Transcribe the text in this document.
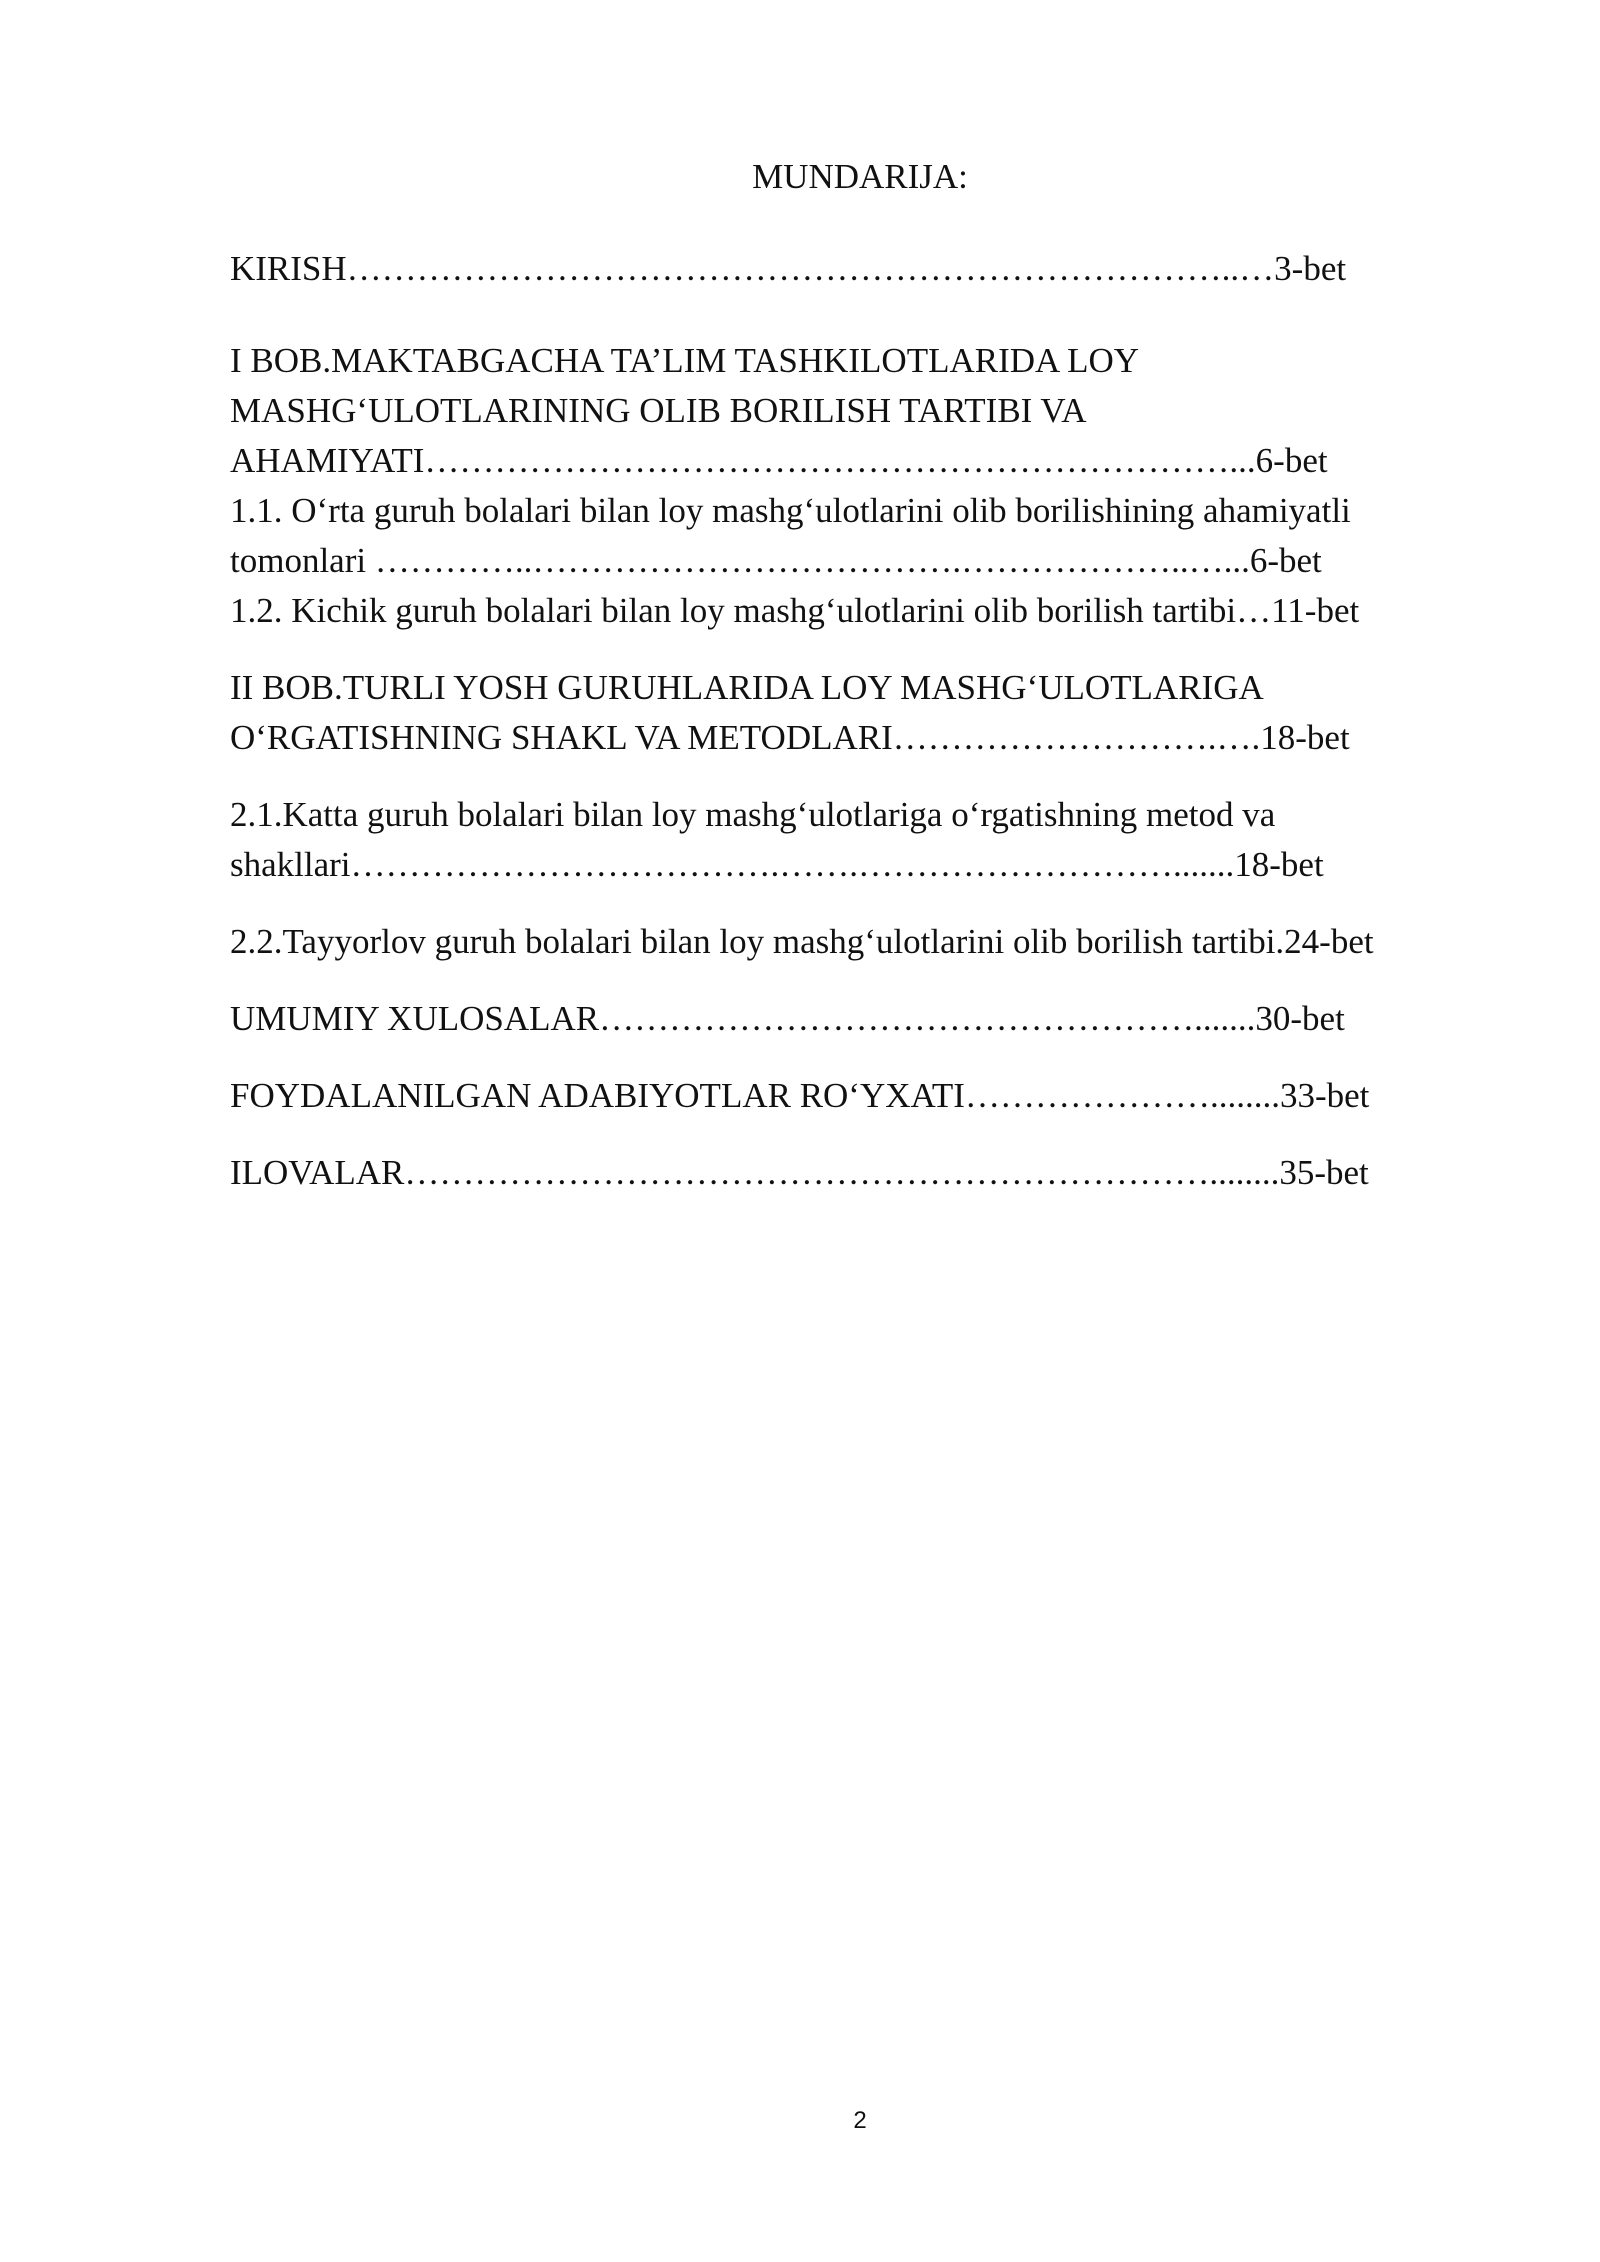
MUNDARIJA:

KIRISH…………………………………………………………………..…3-bet

I BOB.MAKTABGACHA TA’LIM TASHKILOTLARIDA LOY

MASHG‘ULOTLARINING OLIB BORILISH TARTIBI VA

AHAMIYATI……………………………………………………………...6-bet

1.1. O‘rta guruh bolalari bilan loy mashg‘ulotlarini olib borilishining ahamiyatli

tomonlari …………..……………………………….………………..…...6-bet

1.2. Kichik guruh bolalari bilan loy mashg‘ulotlarini olib borilish tartibi…11-bet

II BOB.TURLI YOSH GURUHLARIDA LOY MASHG‘ULOTLARIGA

O‘RGATISHNING SHAKL VA METODLARI……………………….….18-bet

2.1.Katta guruh bolalari bilan loy mashg‘ulotlariga o‘rgatishning metod va

shakllari……………………………….…….……………………….......18-bet

2.2.Tayyorlov guruh bolalari bilan loy mashg‘ulotlarini olib borilish tartibi.24-bet

UMUMIY XULOSALAR…………………………………………….......30-bet

FOYDALANILGAN ADABIYOTLAR RO‘YXATI…………………........33-bet

ILOVALAR……………………………………………………………........35-bet

2
